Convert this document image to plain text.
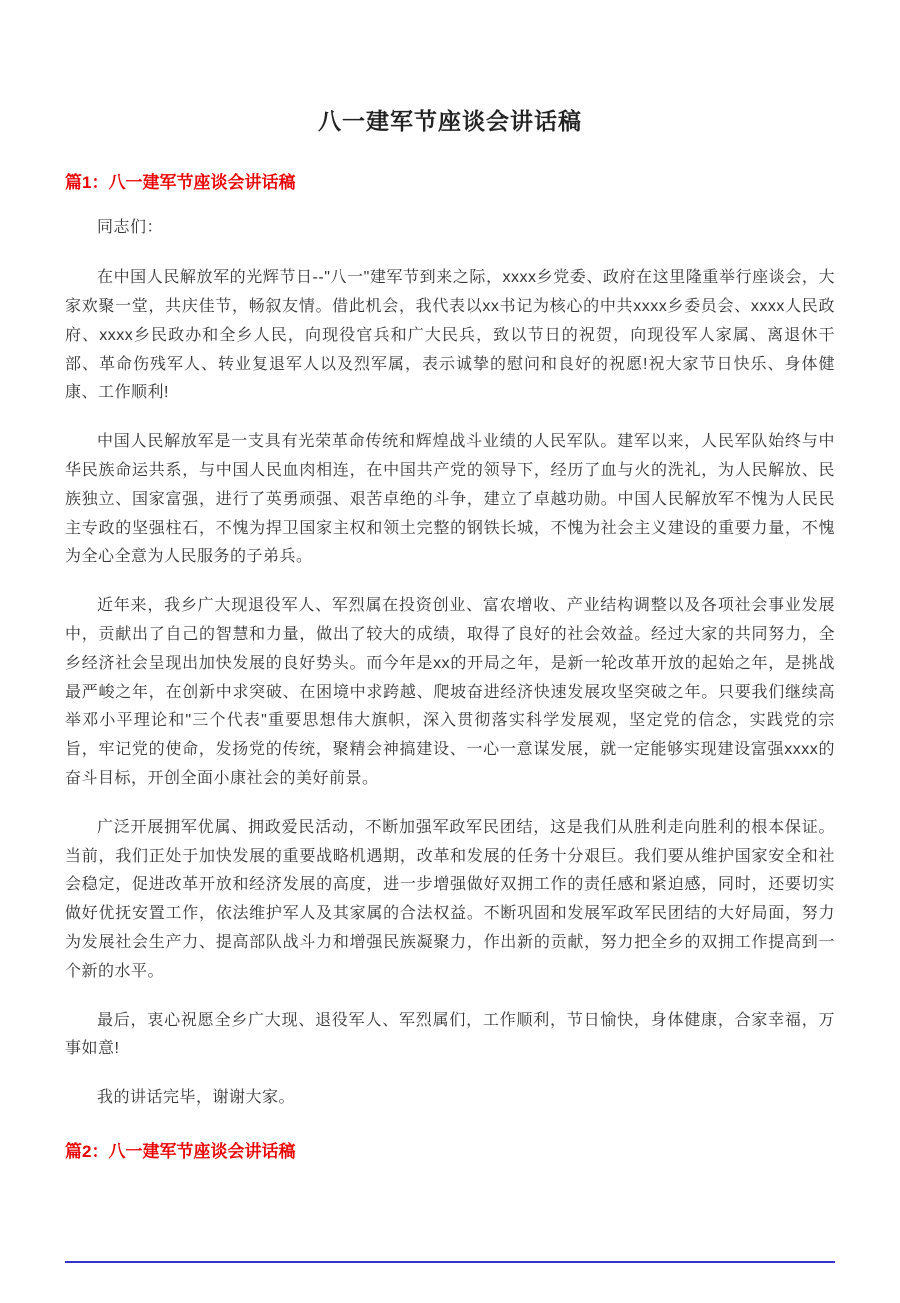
八一建军节座谈会讲话稿
篇1：八一建军节座谈会讲话稿

同志们：

在中国人民解放军的光辉节日--"八一"建军节到来之际，xxxx乡党委、政府在这里隆重举行座谈会，大家欢聚一堂，共庆佳节，畅叙友情。借此机会，我代表以xx书记为核心的中共xxxx乡委员会、xxxx人民政府、xxxx乡民政办和全乡人民，向现役官兵和广大民兵，致以节日的祝贺，向现役军人家属、离退休干部、革命伤残军人、转业复退军人以及烈军属，表示诚挚的慰问和良好的祝愿!祝大家节日快乐、身体健康、工作顺利!

中国人民解放军是一支具有光荣革命传统和辉煌战斗业绩的人民军队。建军以来，人民军队始终与中华民族命运共系，与中国人民血肉相连，在中国共产党的领导下，经历了血与火的洗礼，为人民解放、民族独立、国家富强，进行了英勇顽强、艰苦卓绝的斗争，建立了卓越功勋。中国人民解放军不愧为人民民主专政的坚强柱石，不愧为捍卫国家主权和领土完整的钢铁长城，不愧为社会主义建设的重要力量，不愧为全心全意为人民服务的子弟兵。

近年来，我乡广大现退役军人、军烈属在投资创业、富农增收、产业结构调整以及各项社会事业发展中，贡献出了自己的智慧和力量，做出了较大的成绩，取得了良好的社会效益。经过大家的共同努力，全乡经济社会呈现出加快发展的良好势头。而今年是xx的开局之年，是新一轮改革开放的起始之年，是挑战最严峻之年，在创新中求突破、在困境中求跨越、爬坡奋进经济快速发展攻坚突破之年。只要我们继续高举邓小平理论和"三个代表"重要思想伟大旗帜，深入贯彻落实科学发展观，坚定党的信念，实践党的宗旨，牢记党的使命，发扬党的传统，聚精会神搞建设、一心一意谋发展，就一定能够实现建设富强xxxx的奋斗目标，开创全面小康社会的美好前景。

广泛开展拥军优属、拥政爱民活动，不断加强军政军民团结，这是我们从胜利走向胜利的根本保证。当前，我们正处于加快发展的重要战略机遇期，改革和发展的任务十分艰巨。我们要从维护国家安全和社会稳定，促进改革开放和经济发展的高度，进一步增强做好双拥工作的责任感和紧迫感，同时，还要切实做好优抚安置工作，依法维护军人及其家属的合法权益。不断巩固和发展军政军民团结的大好局面，努力为发展社会生产力、提高部队战斗力和增强民族凝聚力，作出新的贡献，努力把全乡的双拥工作提高到一个新的水平。

最后，衷心祝愿全乡广大现、退役军人、军烈属们，工作顺利，节日愉快，身体健康，合家幸福，万事如意!

我的讲话完毕，谢谢大家。

篇2：八一建军节座谈会讲话稿
